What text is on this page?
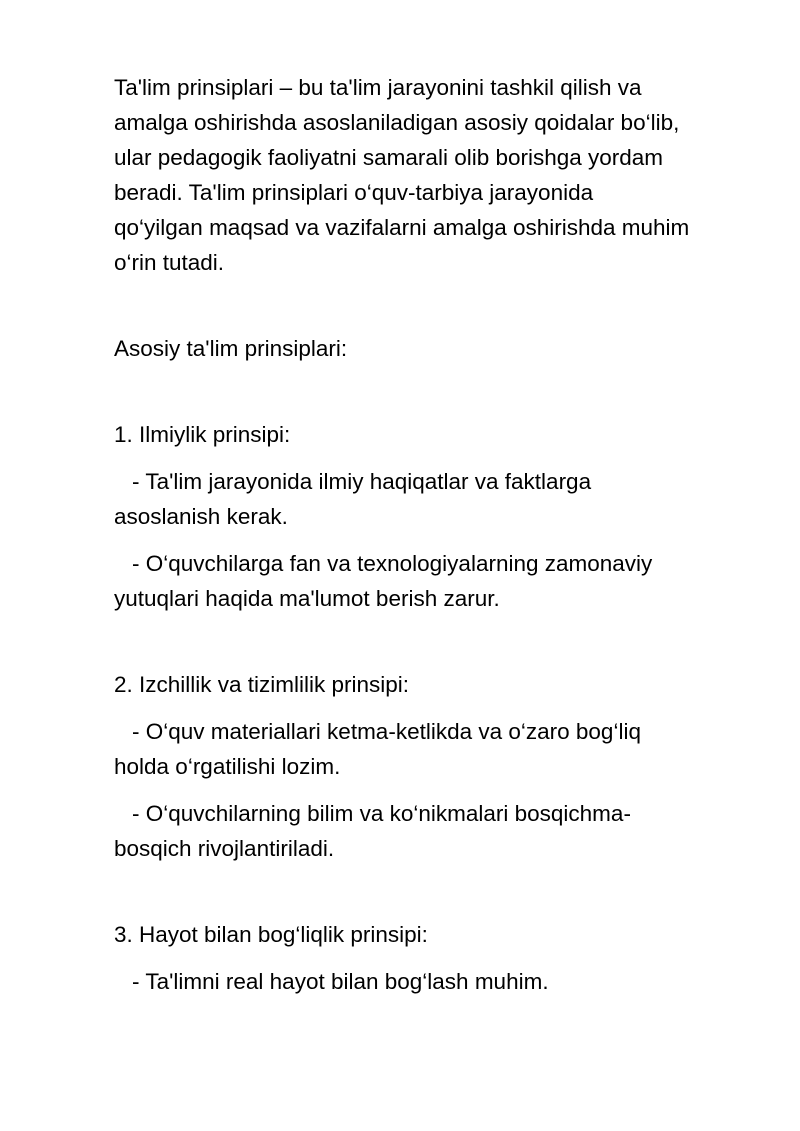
Ta'lim prinsiplari – bu ta'lim jarayonini tashkil qilish va
amalga oshirishda asoslaniladigan asosiy qoidalar bo‘lib,
ular pedagogik faoliyatni samarali olib borishga yordam
beradi. Ta'lim prinsiplari o‘quv-tarbiya jarayonida
qo‘yilgan maqsad va vazifalarni amalga oshirishda muhim
o‘rin tutadi.
Asosiy ta'lim prinsiplari:
1. Ilmiylik prinsipi:
- Ta'lim jarayonida ilmiy haqiqatlar va faktlarga
asoslanish kerak.
- O‘quvchilarga fan va texnologiyalarning zamonaviy
yutuqlari haqida ma'lumot berish zarur.
2. Izchillik va tizimlilik prinsipi:
- O‘quv materiallari ketma-ketlikda va o‘zaro bog‘liq
holda o‘rgatilishi lozim.
- O‘quvchilarning bilim va ko‘nikmalari bosqichma-
bosqich rivojlantiriladi.
3. Hayot bilan bog‘liqlik prinsipi:
- Ta'limni real hayot bilan bog‘lash muhim.
